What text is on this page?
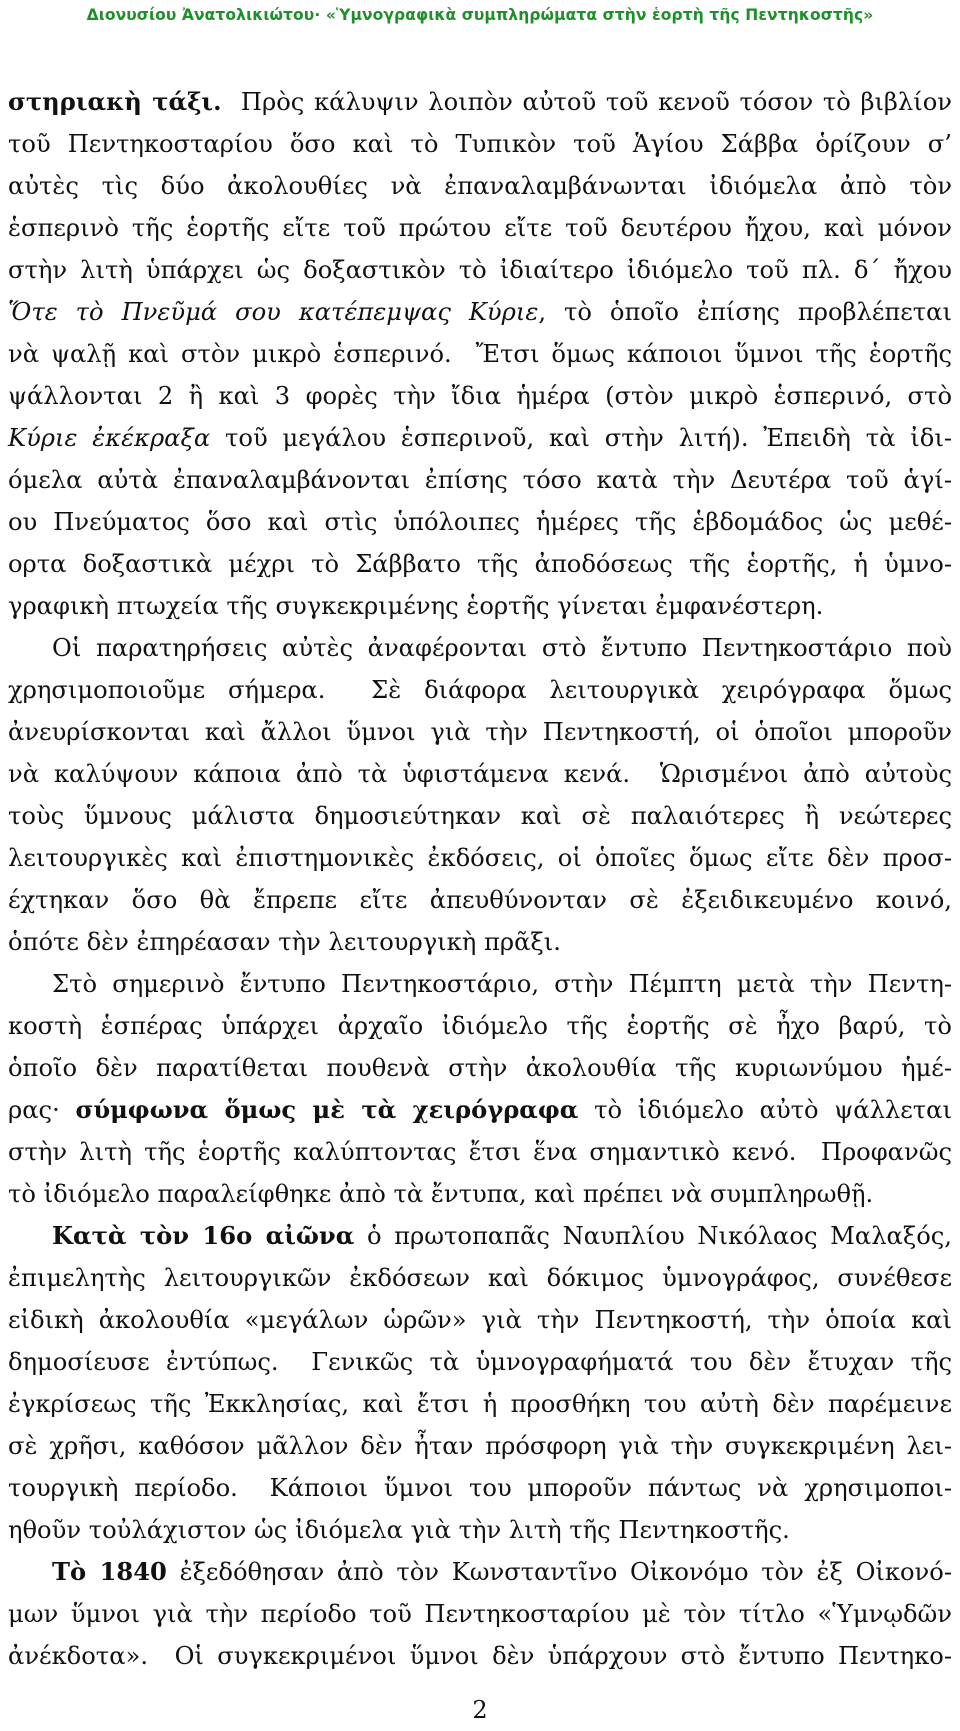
Διονυσίου Ἀνατολικιώτου· «Ὑμνογραφικὰ συμπληρώματα στὴν ἑορτὴ τῆς Πεντηκοστῆς»
στηριακὴ τάξι.  Πρὸς κάλυψιν λοιπὸν αὐτοῦ τοῦ κενοῦ τόσον τὸ βιβλίον
τοῦ Πεντηκοσταρίου ὅσο καὶ τὸ Τυπικὸν τοῦ Ἁγίου Σάββα ὁρίζουν σ’
αὐτὲς τὶς δύο ἀκολουθίες νὰ ἐπαναλαμβάνωνται ἰδιόμελα ἀπὸ τὸν
ἑσπερινὸ τῆς ἑορτῆς εἴτε τοῦ πρώτου εἴτε τοῦ δευτέρου ἤχου, καὶ μόνον
στὴν λιτὴ ὑπάρχει ὡς δοξαστικὸν τὸ ἰδιαίτερο ἰδιόμελο τοῦ πλ. δ΄ ἤχου
Ὅτε τὸ Πνεῦμά σου κατέπεμψας Κύριε, τὸ ὁποῖο ἐπίσης προβλέπεται
νὰ ψαλῇ καὶ στὸν μικρὸ ἑσπερινό.  Ἔτσι ὅμως κάποιοι ὕμνοι τῆς ἑορτῆς
ψάλλονται 2 ἢ καὶ 3 φορὲς τὴν ἴδια ἡμέρα (στὸν μικρὸ ἑσπερινό, στὸ
Κύριε ἐκέκραξα τοῦ μεγάλου ἑσπερινοῦ, καὶ στὴν λιτή). Ἐπειδὴ τὰ ἰδι-
όμελα αὐτὰ ἐπαναλαμβάνονται ἐπίσης τόσο κατὰ τὴν Δευτέρα τοῦ ἁγί-
ου Πνεύματος ὅσο καὶ στὶς ὑπόλοιπες ἡμέρες τῆς ἑβδομάδος ὡς μεθέ-
ορτα δοξαστικὰ μέχρι τὸ Σάββατο τῆς ἀποδόσεως τῆς ἑορτῆς, ἡ ὑμνο-
γραφικὴ πτωχεία τῆς συγκεκριμένης ἑορτῆς γίνεται ἐμφανέστερη.
Οἱ παρατηρήσεις αὐτὲς ἀναφέρονται στὸ ἔντυπο Πεντηκοστάριο ποὺ
χρησιμοποιοῦμε σήμερα.  Σὲ διάφορα λειτουργικὰ χειρόγραφα ὅμως
ἀνευρίσκονται καὶ ἄλλοι ὕμνοι γιὰ τὴν Πεντηκοστή, οἱ ὁποῖοι μποροῦν
νὰ καλύψουν κάποια ἀπὸ τὰ ὑφιστάμενα κενά.  Ὡρισμένοι ἀπὸ αὐτοὺς
τοὺς ὕμνους μάλιστα δημοσιεύτηκαν καὶ σὲ παλαιότερες ἢ νεώτερες
λειτουργικὲς καὶ ἐπιστημονικὲς ἐκδόσεις, οἱ ὁποῖες ὅμως εἴτε δὲν προσ-
έχτηκαν ὅσο θὰ ἔπρεπε εἴτε ἀπευθύνονταν σὲ ἐξειδικευμένο κοινό,
ὁπότε δὲν ἐπηρέασαν τὴν λειτουργικὴ πρᾶξι.
Στὸ σημερινὸ ἔντυπο Πεντηκοστάριο, στὴν Πέμπτη μετὰ τὴν Πεντη-
κοστὴ ἑσπέρας ὑπάρχει ἀρχαῖο ἰδιόμελο τῆς ἑορτῆς σὲ ἦχο βαρύ, τὸ
ὁποῖο δὲν παρατίθεται πουθενὰ στὴν ἀκολουθία τῆς κυριωνύμου ἡμέ-
ρας· σύμφωνα ὅμως μὲ τὰ χειρόγραφα τὸ ἰδιόμελο αὐτὸ ψάλλεται
στὴν λιτὴ τῆς ἑορτῆς καλύπτοντας ἔτσι ἕνα σημαντικὸ κενό.  Προφανῶς
τὸ ἰδιόμελο παραλείφθηκε ἀπὸ τὰ ἔντυπα, καὶ πρέπει νὰ συμπληρωθῇ.
Κατὰ τὸν 16ο αἰῶνα ὁ πρωτοπαπᾶς Ναυπλίου Νικόλαος Μαλαξός,
ἐπιμελητὴς λειτουργικῶν ἐκδόσεων καὶ δόκιμος ὑμνογράφος, συνέθεσε
εἰδικὴ ἀκολουθία «μεγάλων ὡρῶν» γιὰ τὴν Πεντηκοστή, τὴν ὁποία καὶ
δημοσίευσε ἐντύπως.  Γενικῶς τὰ ὑμνογραφήματά του δὲν ἔτυχαν τῆς
ἐγκρίσεως τῆς Ἐκκλησίας, καὶ ἔτσι ἡ προσθήκη του αὐτὴ δὲν παρέμεινε
σὲ χρῆσι, καθόσον μᾶλλον δὲν ἦταν πρόσφορη γιὰ τὴν συγκεκριμένη λει-
τουργικὴ περίοδο.  Κάποιοι ὕμνοι του μποροῦν πάντως νὰ χρησιμοποι-
ηθοῦν τοὐλάχιστον ὡς ἰδιόμελα γιὰ τὴν λιτὴ τῆς Πεντηκοστῆς.
Τὸ 1840 ἐξεδόθησαν ἀπὸ τὸν Κωνσταντῖνο Οἰκονόμο τὸν ἐξ Οἰκονό-
μων ὕμνοι γιὰ τὴν περίοδο τοῦ Πεντηκοσταρίου μὲ τὸν τίτλο «Ὑμνῳδῶν
ἀνέκδοτα».  Οἱ συγκεκριμένοι ὕμνοι δὲν ὑπάρχουν στὸ ἔντυπο Πεντηκο-
2
